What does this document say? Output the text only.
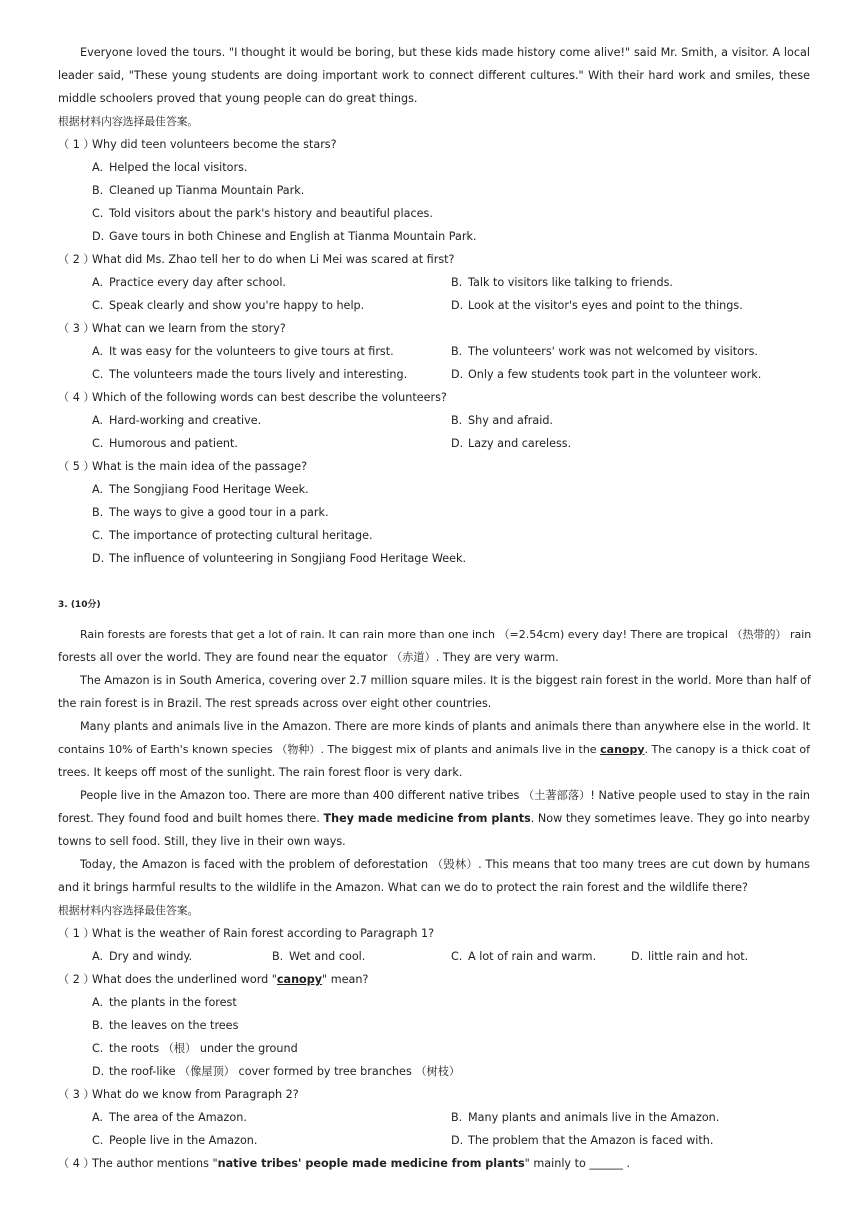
Everyone loved the tours. "I thought it would be boring, but these kids made history come alive!" said Mr. Smith, a visitor. A local
leader said, "These young students are doing important work to connect different cultures." With their hard work and smiles, these
middle schoolers proved that young people can do great things.
根据材料内容选择最佳答案。
（ 1 ）Why did teen volunteers become the stars?
A. Helped the local visitors.
B. Cleaned up Tianma Mountain Park.
C. Told visitors about the park's history and beautiful places.
D. Gave tours in both Chinese and English at Tianma Mountain Park.
（ 2 ）What did Ms. Zhao tell her to do when Li Mei was scared at first?
A. Practice every day after school.	B. Talk to visitors like talking to friends.
C. Speak clearly and show you're happy to help.	D. Look at the visitor's eyes and point to the things.
（ 3 ）What can we learn from the story?
A. It was easy for the volunteers to give tours at first.	B. The volunteers' work was not welcomed by visitors.
C. The volunteers made the tours lively and interesting.	D. Only a few students took part in the volunteer work.
（ 4 ）Which of the following words can best describe the volunteers?
A. Hard-working and creative.	B. Shy and afraid.
C. Humorous and patient.	D. Lazy and careless.
（ 5 ）What is the main idea of the passage?
A. The Songjiang Food Heritage Week.
B. The ways to give a good tour in a park.
C. The importance of protecting cultural heritage.
D. The influence of volunteering in Songjiang Food Heritage Week.
3. (10分)
Rain forests are forests that get a lot of rain. It can rain more than one inch （=2.54cm) every day! There are tropical （热带的） rain
forests all over the world. They are found near the equator （赤道）. They are very warm.
The Amazon is in South America, covering over 2.7 million square miles. It is the biggest rain forest in the world. More than half of
the rain forest is in Brazil. The rest spreads across over eight other countries.
Many plants and animals live in the Amazon. There are more kinds of plants and animals there than anywhere else in the world. It
contains 10% of Earth's known species （物种）. The biggest mix of plants and animals live in the canopy. The canopy is a thick coat of
trees. It keeps off most of the sunlight. The rain forest floor is very dark.
People live in the Amazon too. There are more than 400 different native tribes （土著部落）! Native people used to stay in the rain
forest. They found food and built homes there. They made medicine from plants. Now they sometimes leave. They go into nearby
towns to sell food. Still, they live in their own ways.
Today, the Amazon is faced with the problem of deforestation （毁林）. This means that too many trees are cut down by humans
and it brings harmful results to the wildlife in the Amazon. What can we do to protect the rain forest and the wildlife there?
根据材料内容选择最佳答案。
（ 1 ）What is the weather of Rain forest according to Paragraph 1?
A. Dry and windy.	B. Wet and cool.	C. A lot of rain and warm.	D. little rain and hot.
（ 2 ）What does the underlined word "canopy" mean?
A. the plants in the forest
B. the leaves on the trees
C. the roots （根） under the ground
D. the roof-like （像屋顶） cover formed by tree branches （树枝）
（ 3 ）What do we know from Paragraph 2?
A. The area of the Amazon.	B. Many plants and animals live in the Amazon.
C. People live in the Amazon.	D. The problem that the Amazon is faced with.
（ 4 ）The author mentions "native tribes' people made medicine from plants" mainly to ______ .
